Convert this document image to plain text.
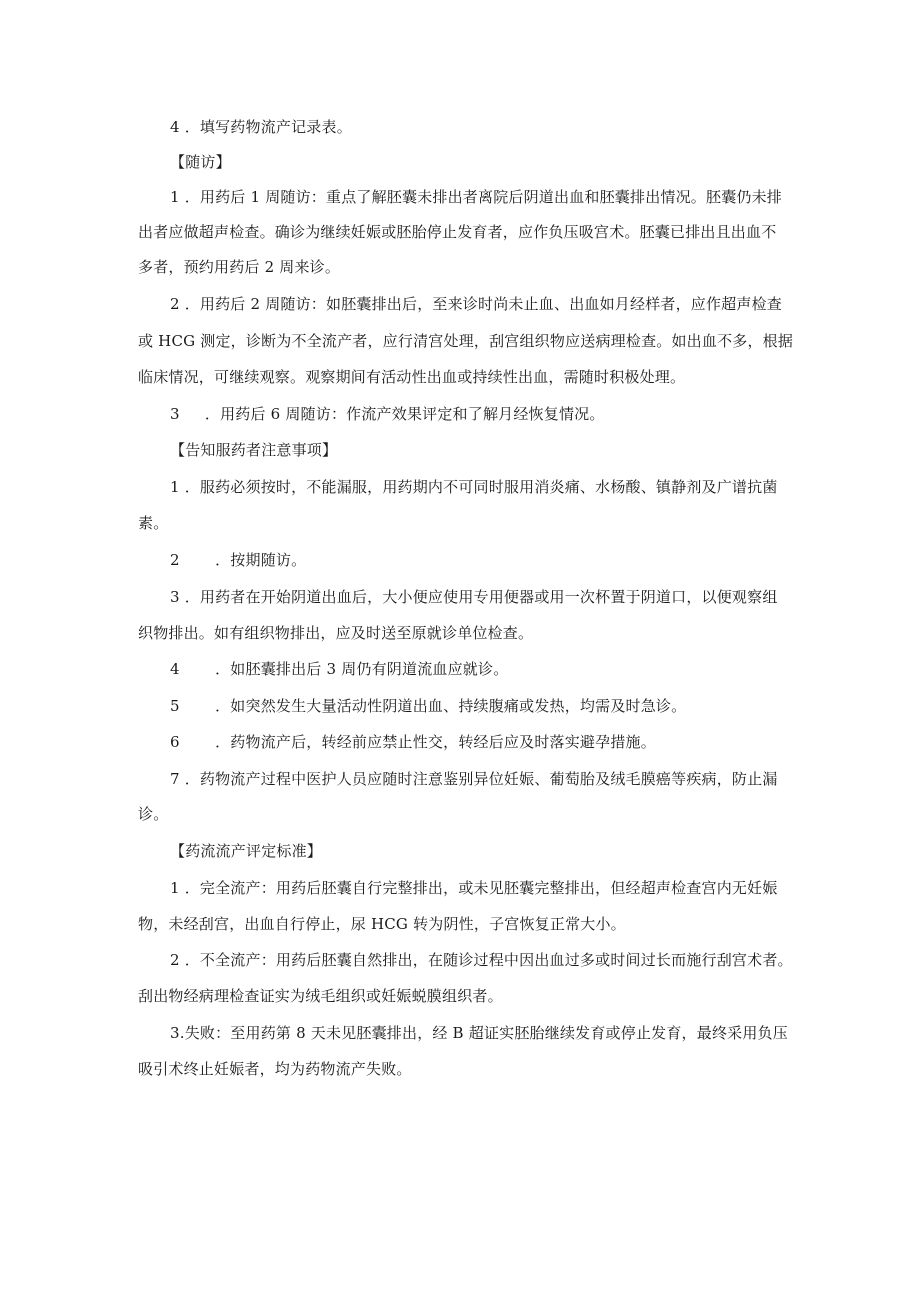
4 ．填写药物流产记录表。
【随访】
1 ．用药后 1 周随访：重点了解胚囊未排出者离院后阴道出血和胚囊排出情况。胚囊仍未排
出者应做超声检查。确诊为继续妊娠或胚胎停止发育者，应作负压吸宫术。胚囊已排出且出血不
多者，预约用药后 2 周来诊。
2 ．用药后 2 周随访：如胚囊排出后，至来诊时尚未止血、出血如月经样者，应作超声检查
或 HCG 测定，诊断为不全流产者，应行清宫处理，刮宫组织物应送病理检查。如出血不多，根据
临床情况，可继续观察。观察期间有活动性出血或持续性出血，需随时积极处理。
3 　 ．用药后 6 周随访：作流产效果评定和了解月经恢复情况。
【告知服药者注意事项】
1 ．服药必须按时，不能漏服，用药期内不可同时服用消炎痛、水杨酸、镇静剂及广谱抗菌
素。
2 　　．按期随访。
3 ．用药者在开始阴道出血后，大小便应使用专用便器或用一次杯置于阴道口，以便观察组
织物排出。如有组织物排出，应及时送至原就诊单位检查。
4 　　．如胚囊排出后 3 周仍有阴道流血应就诊。
5 　　．如突然发生大量活动性阴道出血、持续腹痛或发热，均需及时急诊。
6 　　．药物流产后，转经前应禁止性交，转经后应及时落实避孕措施。
7 ．药物流产过程中医护人员应随时注意鉴别异位妊娠、葡萄胎及绒毛膜癌等疾病，防止漏
诊。
【药流流产评定标准】
1 ．完全流产：用药后胚囊自行完整排出，或未见胚囊完整排出，但经超声检查宫内无妊娠
物，未经刮宫，出血自行停止，尿 HCG 转为阴性，子宫恢复正常大小。
2 ．不全流产：用药后胚囊自然排出，在随诊过程中因出血过多或时间过长而施行刮宫术者。
刮出物经病理检查证实为绒毛组织或妊娠蜕膜组织者。
3.失败：至用药第 8 天未见胚囊排出，经 B 超证实胚胎继续发育或停止发育，最终采用负压
吸引术终止妊娠者，均为药物流产失败。
